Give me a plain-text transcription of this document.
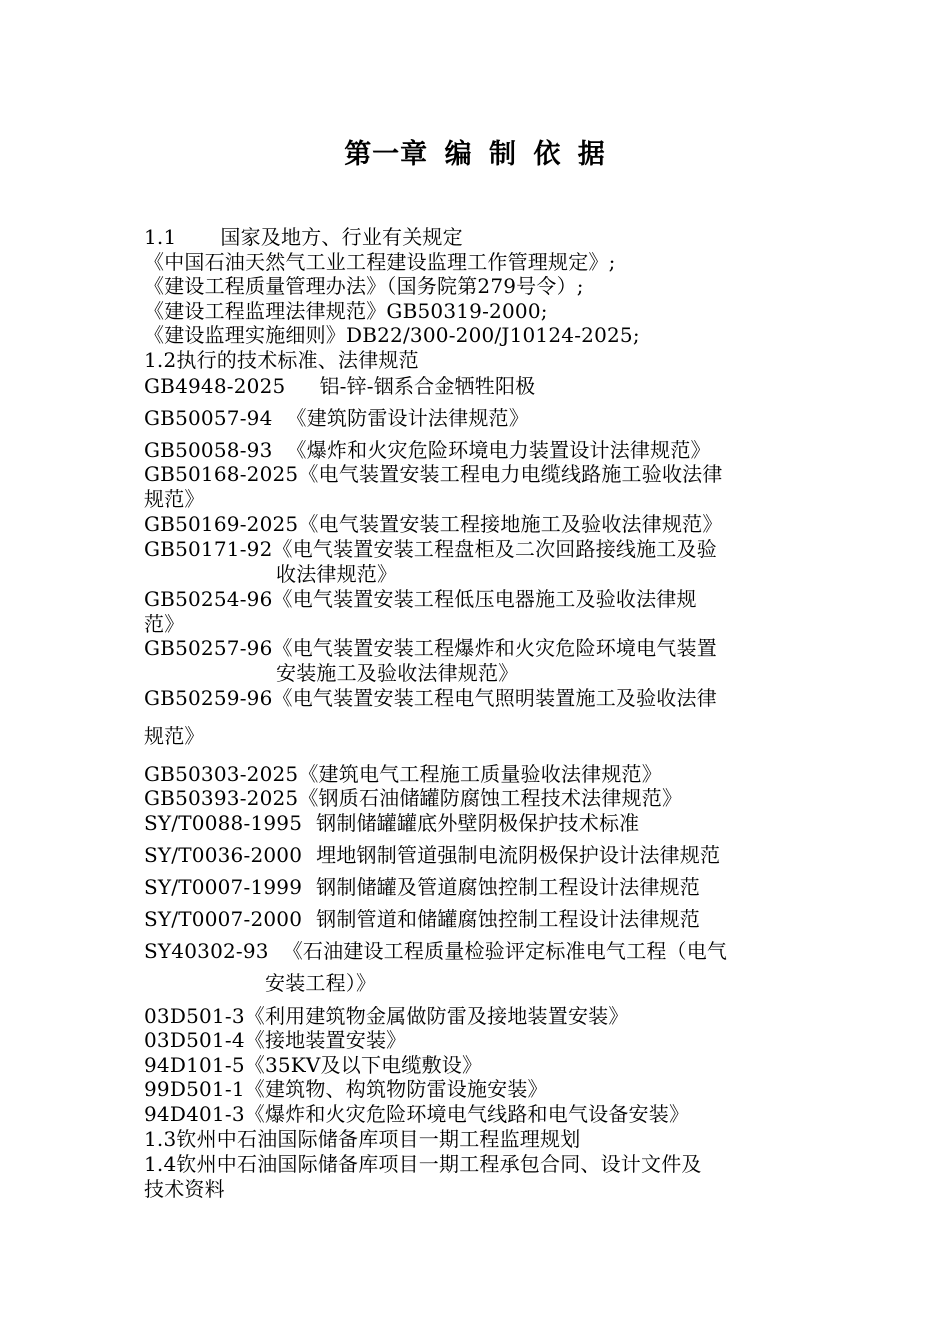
第一章 编 制 依 据
1.1 国家及地方、行业有关规定
《中国石油天然气工业工程建设监理工作管理规定》;
《建设工程质量管理办法》（国务院第279号令）;
《建设工程监理法律规范》GB50319-2000;
《建设监理实施细则》DB22/300-200/J10124-2025;
1.2执行的技术标准、法律规范
GB4948-2025 铝-锌-铟系合金牺牲阳极
GB50057-94 《建筑防雷设计法律规范》
GB50058-93 《爆炸和火灾危险环境电力装置设计法律规范》
GB50168-2025《电气装置安装工程电力电缆线路施工验收法律
规范》
GB50169-2025《电气装置安装工程接地施工及验收法律规范》
GB50171-92《电气装置安装工程盘柜及二次回路接线施工及验
收法律规范》
GB50254-96《电气装置安装工程低压电器施工及验收法律规
范》
GB50257-96《电气装置安装工程爆炸和火灾危险环境电气装置
安装施工及验收法律规范》
GB50259-96《电气装置安装工程电气照明装置施工及验收法律
规范》
GB50303-2025《建筑电气工程施工质量验收法律规范》
GB50393-2025《钢质石油储罐防腐蚀工程技术法律规范》
SY/T0088-1995 钢制储罐罐底外壁阴极保护技术标准
SY/T0036-2000 埋地钢制管道强制电流阴极保护设计法律规范
SY/T0007-1999 钢制储罐及管道腐蚀控制工程设计法律规范
SY/T0007-2000 钢制管道和储罐腐蚀控制工程设计法律规范
SY40302-93 《石油建设工程质量检验评定标准电气工程（电气
安装工程）》
03D501-3《利用建筑物金属做防雷及接地装置安装》
03D501-4《接地装置安装》
94D101-5《35KV及以下电缆敷设》
99D501-1《建筑物、构筑物防雷设施安装》
94D401-3《爆炸和火灾危险环境电气线路和电气设备安装》
1.3钦州中石油国际储备库项目一期工程监理规划
1.4钦州中石油国际储备库项目一期工程承包合同、设计文件及
技术资料
